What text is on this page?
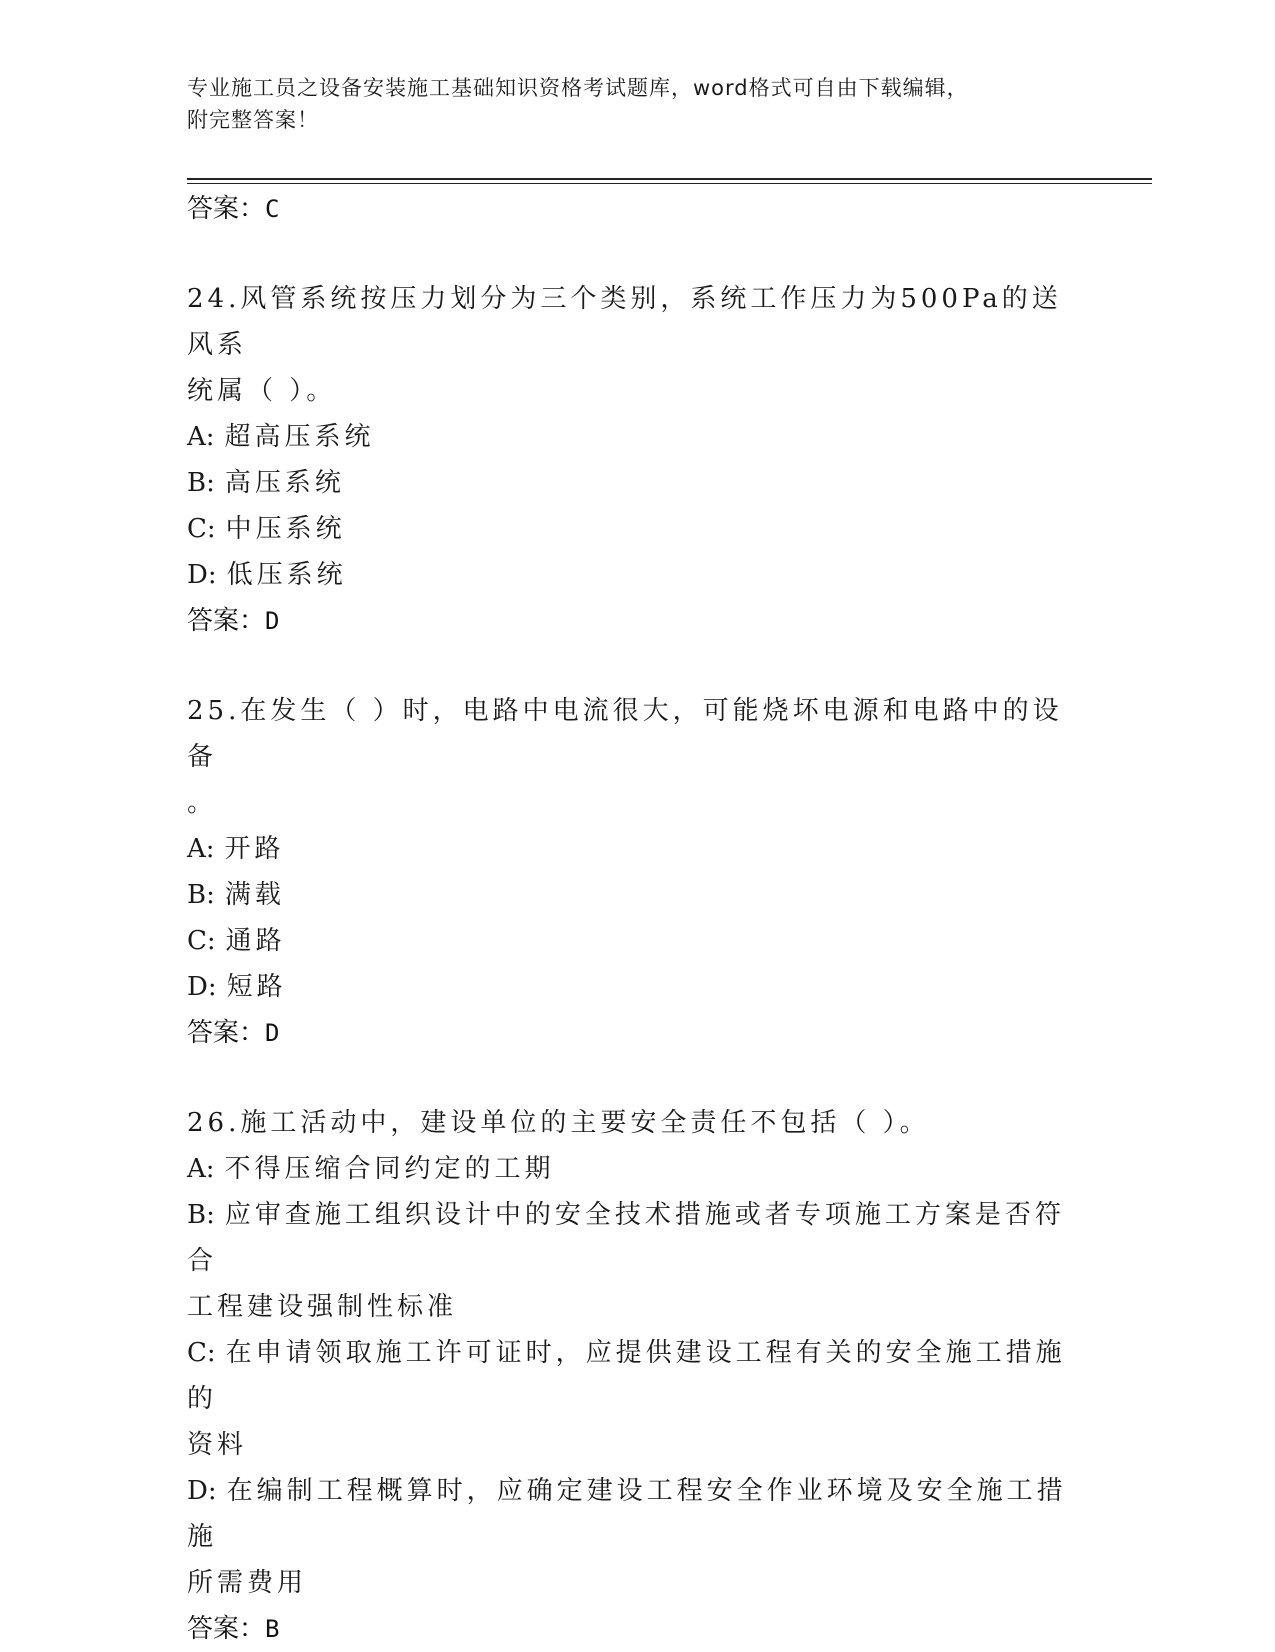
专业施工员之设备安装施工基础知识资格考试题库，word格式可自由下载编辑，
附完整答案！
答案：C
24.风管系统按压力划分为三个类别，系统工作压力为500Pa的送风系
统属（ ）。
A: 超高压系统
B: 高压系统
C: 中压系统
D: 低压系统
答案：D
25.在发生（ ）时，电路中电流很大，可能烧坏电源和电路中的设备
。
A: 开路
B: 满载
C: 通路
D: 短路
答案：D
26.施工活动中，建设单位的主要安全责任不包括（ ）。
A: 不得压缩合同约定的工期
B: 应审查施工组织设计中的安全技术措施或者专项施工方案是否符合
工程建设强制性标准
C: 在申请领取施工许可证时，应提供建设工程有关的安全施工措施的
资料
D: 在编制工程概算时，应确定建设工程安全作业环境及安全施工措施
所需费用
答案：B
